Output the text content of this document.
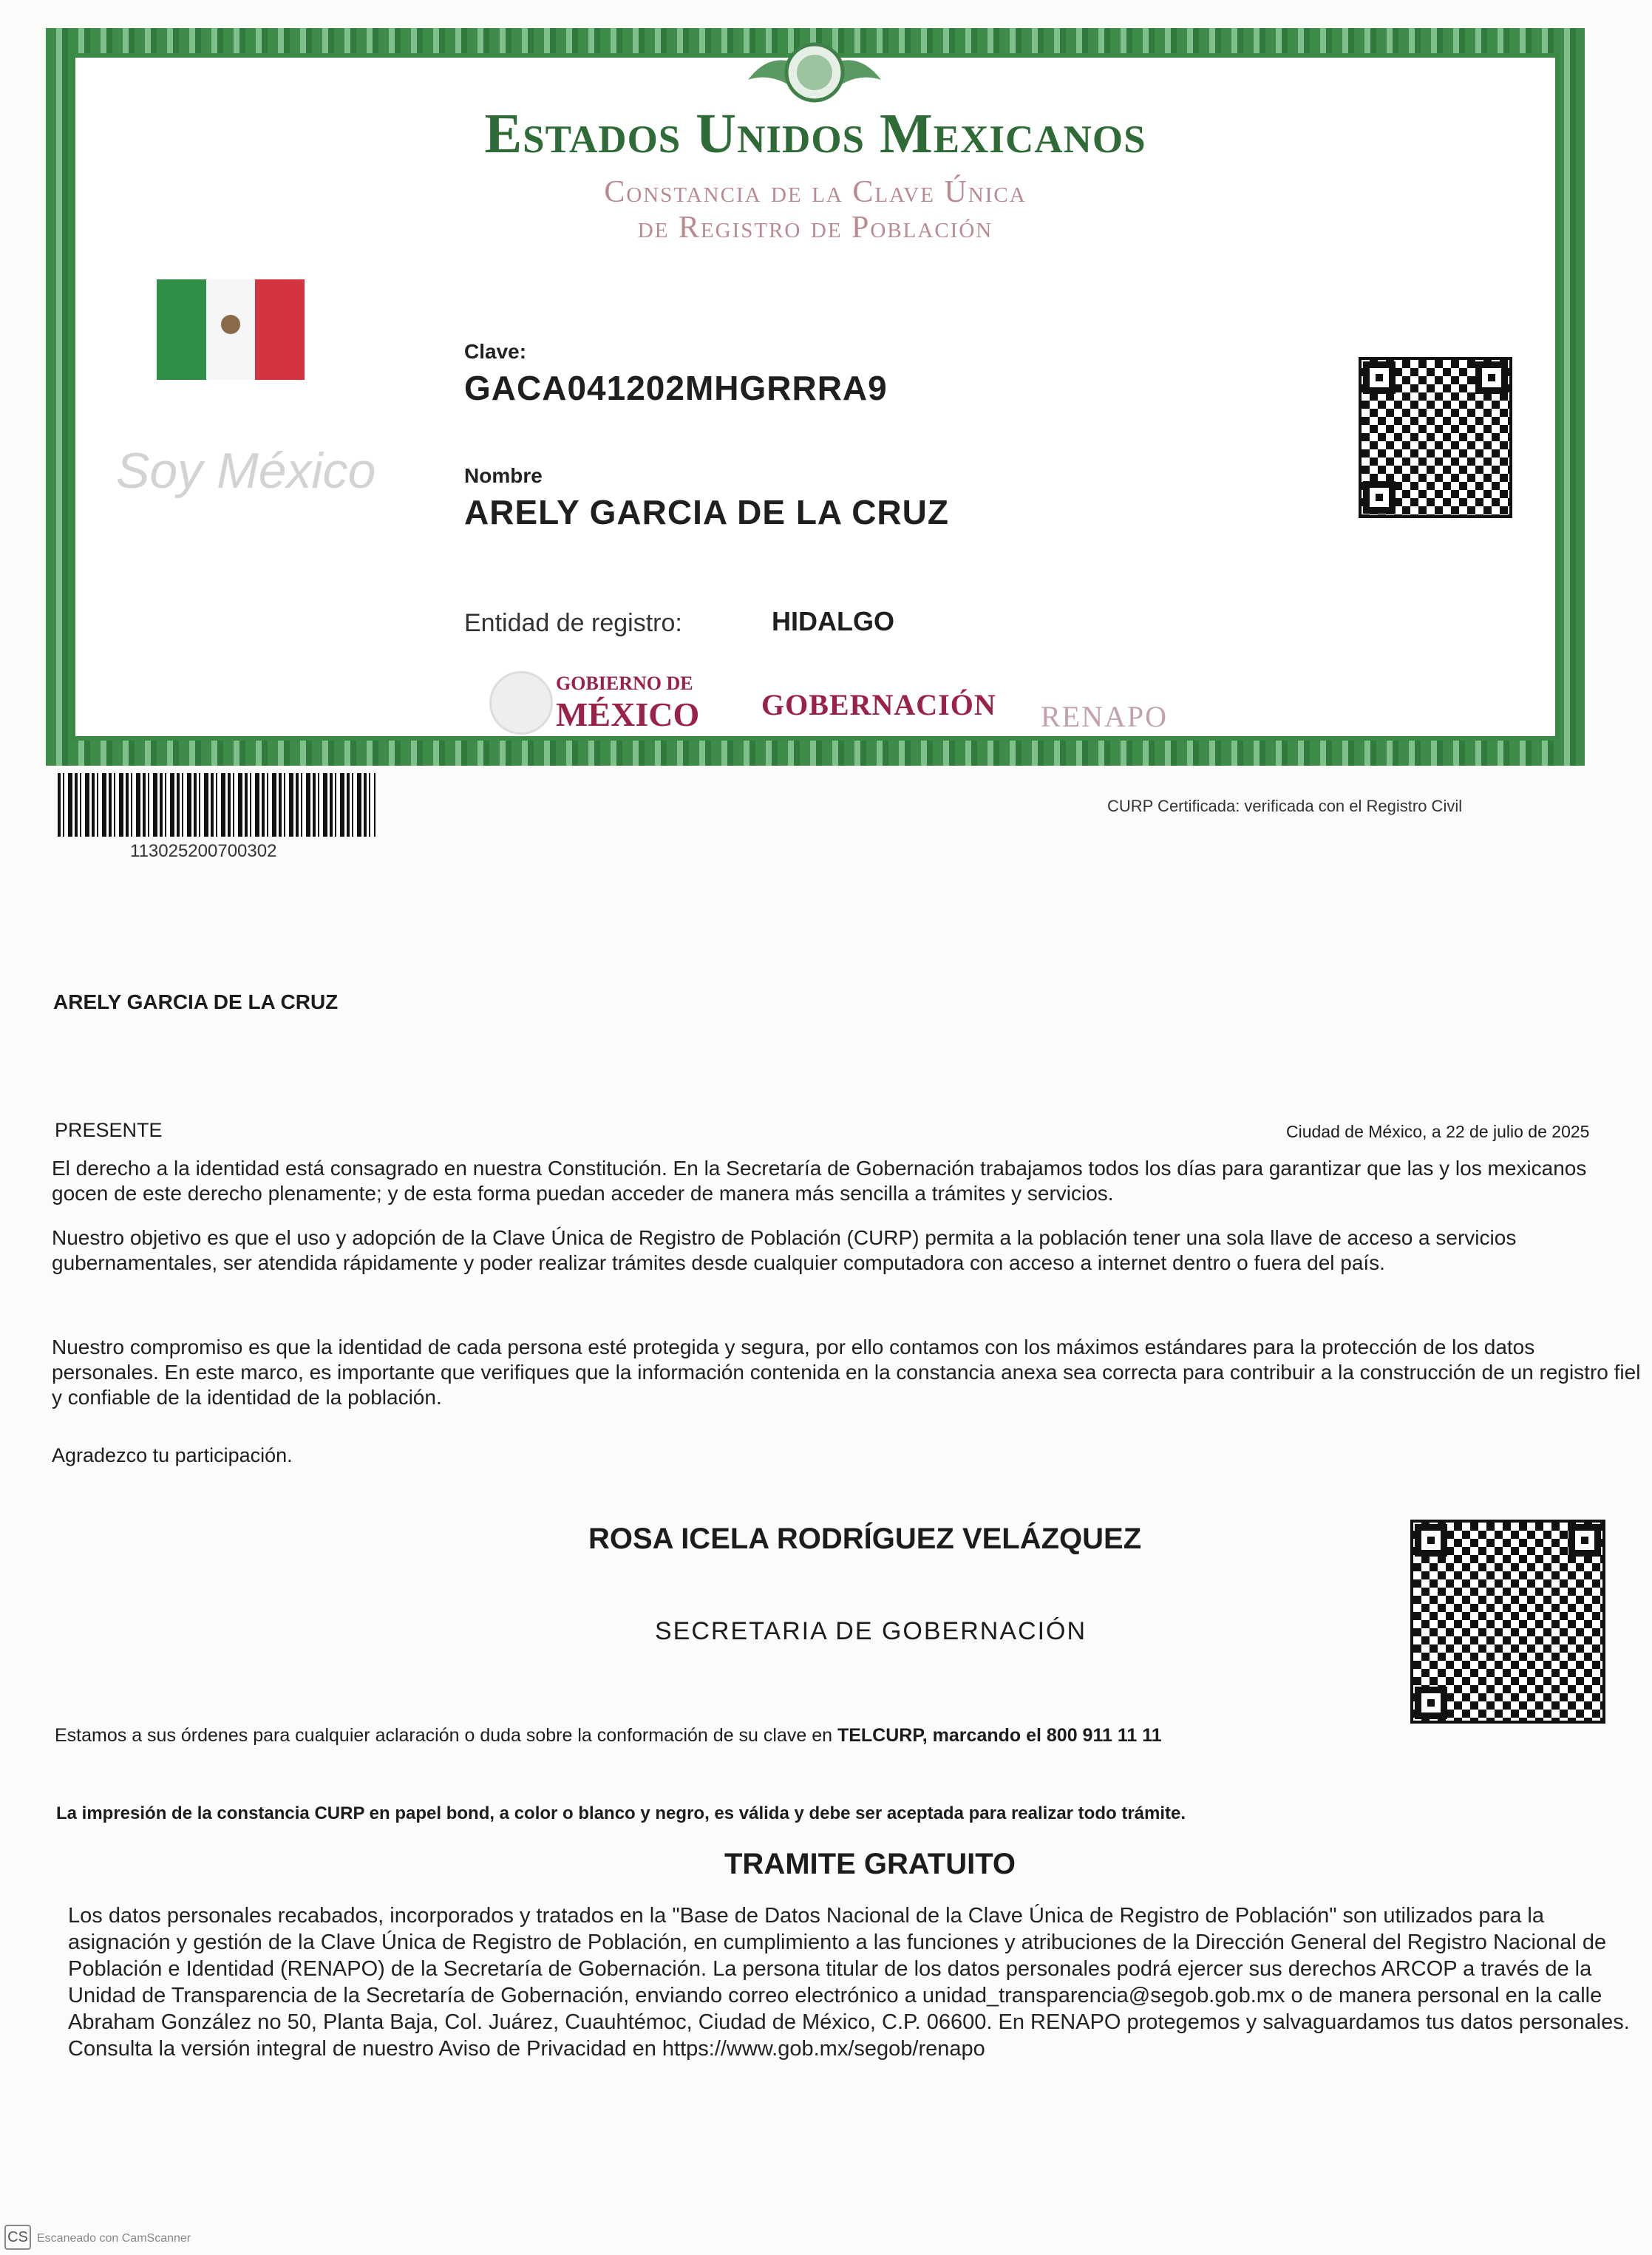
Estados Unidos Mexicanos
Constancia de la Clave Única
de Registro de Población
Soy México
Clave:
GACA041202MHGRRRA9
Nombre
ARELY GARCIA DE LA CRUZ
Entidad de registro:	HIDALGO
GOBIERNO DE
MÉXICO GOBERNACIÓN RENAPO
113025200700302
CURP Certificada: verificada con el Registro Civil
ARELY GARCIA DE LA CRUZ
PRESENTE	Ciudad de México, a 22 de julio de 2025
El derecho a la identidad está consagrado en nuestra Constitución. En la Secretaría de Gobernación trabajamos todos los días para garantizar que las y los mexicanos gocen de este derecho plenamente; y de esta forma puedan acceder de manera más sencilla a trámites y servicios.
Nuestro objetivo es que el uso y adopción de la Clave Única de Registro de Población (CURP) permita a la población tener una sola llave de acceso a servicios gubernamentales, ser atendida rápidamente y poder realizar trámites desde cualquier computadora con acceso a internet dentro o fuera del país.
Nuestro compromiso es que la identidad de cada persona esté protegida y segura, por ello contamos con los máximos estándares para la protección de los datos personales. En este marco, es importante que verifiques que la información contenida en la constancia anexa sea correcta para contribuir a la construcción de un registro fiel y confiable de la identidad de la población.
Agradezco tu participación.
ROSA ICELA RODRÍGUEZ VELÁZQUEZ
SECRETARIA DE GOBERNACIÓN
Estamos a sus órdenes para cualquier aclaración o duda sobre la conformación de su clave en TELCURP, marcando el 800 911 11 11
La impresión de la constancia CURP en papel bond, a color o blanco y negro, es válida y debe ser aceptada para realizar todo trámite.
TRAMITE GRATUITO
Los datos personales recabados, incorporados y tratados en la "Base de Datos Nacional de la Clave Única de Registro de Población" son utilizados para la asignación y gestión de la Clave Única de Registro de Población, en cumplimiento a las funciones y atribuciones de la Dirección General del Registro Nacional de Población e Identidad (RENAPO) de la Secretaría de Gobernación. La persona titular de los datos personales podrá ejercer sus derechos ARCOP a través de la Unidad de Transparencia de la Secretaría de Gobernación, enviando correo electrónico a unidad_transparencia@segob.gob.mx o de manera personal en la calle Abraham González no 50, Planta Baja, Col. Juárez, Cuauhtémoc, Ciudad de México, C.P. 06600. En RENAPO protegemos y salvaguardamos tus datos personales. Consulta la versión integral de nuestro Aviso de Privacidad en https://www.gob.mx/segob/renapo
CS Escaneado con CamScanner
